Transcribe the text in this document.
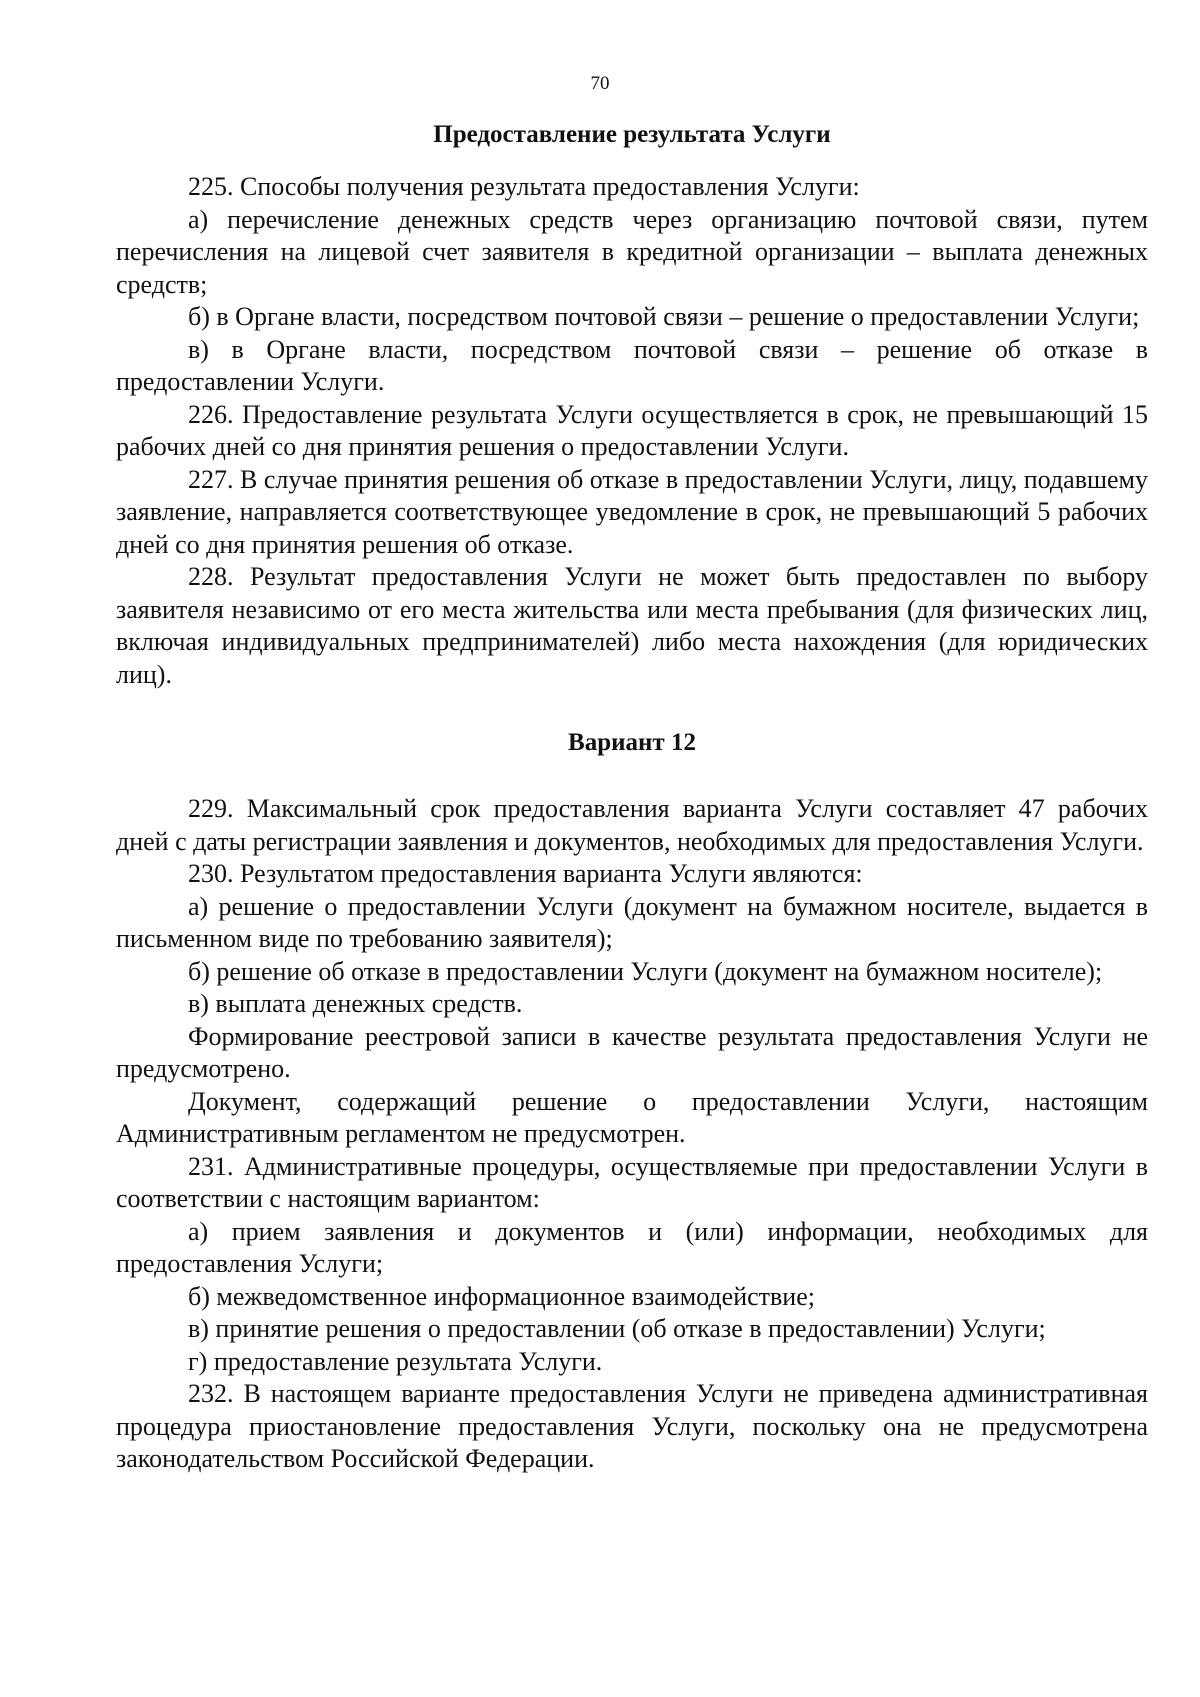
70
Предоставление результата Услуги

225. Способы получения результата предоставления Услуги:

а) перечисление денежных средств через организацию почтовой связи, путем перечисления на лицевой счет заявителя в кредитной организации – выплата денежных средств;

б) в Органе власти, посредством почтовой связи – решение о предоставлении Услуги;

в) в Органе власти, посредством почтовой связи – решение об отказе в предоставлении Услуги.

226. Предоставление результата Услуги осуществляется в срок, не превышающий 15 рабочих дней со дня принятия решения о предоставлении Услуги.

227. В случае принятия решения об отказе в предоставлении Услуги, лицу, подавшему заявление, направляется соответствующее уведомление в срок, не превышающий 5 рабочих дней со дня принятия решения об отказе.

228. Результат предоставления Услуги не может быть предоставлен по выбору заявителя независимо от его места жительства или места пребывания (для физических лиц, включая индивидуальных предпринимателей) либо места нахождения (для юридических лиц).

Вариант 12

229. Максимальный срок предоставления варианта Услуги составляет 47 рабочих дней с даты регистрации заявления и документов, необходимых для предоставления Услуги.

230. Результатом предоставления варианта Услуги являются:

а) решение о предоставлении Услуги (документ на бумажном носителе, выдается в письменном виде по требованию заявителя);

б) решение об отказе в предоставлении Услуги (документ на бумажном носителе);

в) выплата денежных средств.

Формирование реестровой записи в качестве результата предоставления Услуги не предусмотрено.

Документ, содержащий решение о предоставлении Услуги, настоящим Административным регламентом не предусмотрен.

231. Административные процедуры, осуществляемые при предоставлении Услуги в соответствии с настоящим вариантом:

а) прием заявления и документов и (или) информации, необходимых для предоставления Услуги;

б) межведомственное информационное взаимодействие;

в) принятие решения о предоставлении (об отказе в предоставлении) Услуги;

г) предоставление результата Услуги.

232. В настоящем варианте предоставления Услуги не приведена административная процедура приостановление предоставления Услуги, поскольку она не предусмотрена законодательством Российской Федерации.
